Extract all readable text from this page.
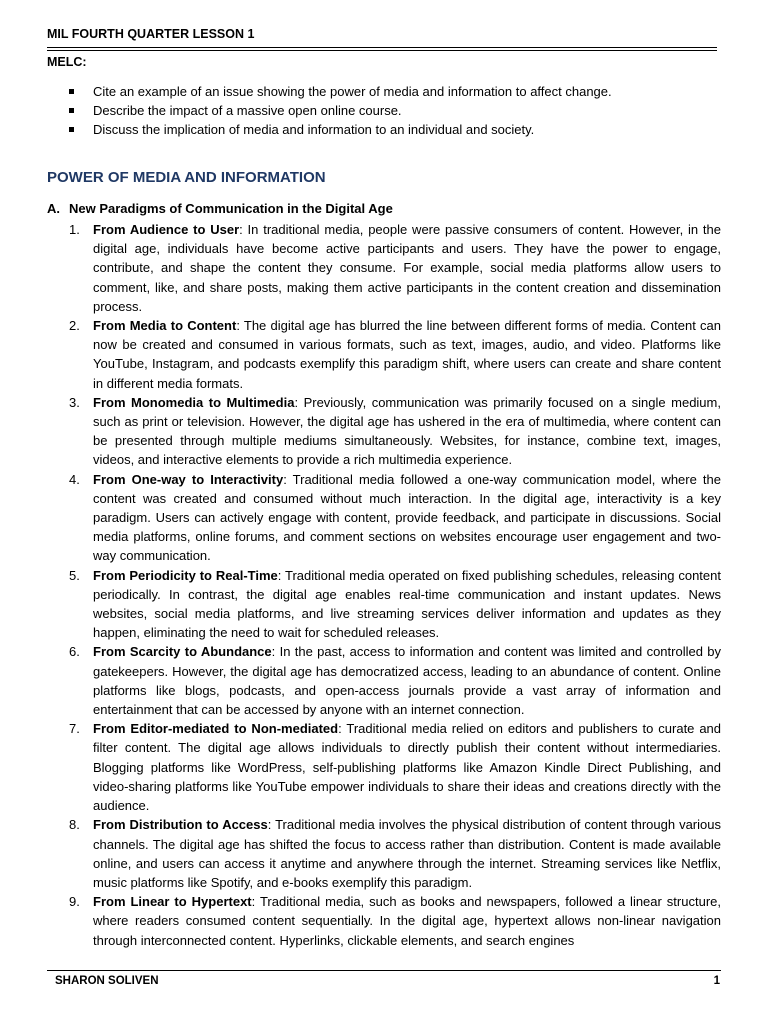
MIL FOURTH QUARTER LESSON 1
MELC:
Cite an example of an issue showing the power of media and information to affect change.
Describe the impact of a massive open online course.
Discuss the implication of media and information to an individual and society.
POWER OF MEDIA AND INFORMATION
A. New Paradigms of Communication in the Digital Age
1. From Audience to User: In traditional media, people were passive consumers of content. However, in the digital age, individuals have become active participants and users. They have the power to engage, contribute, and shape the content they consume. For example, social media platforms allow users to comment, like, and share posts, making them active participants in the content creation and dissemination process.
2. From Media to Content: The digital age has blurred the line between different forms of media. Content can now be created and consumed in various formats, such as text, images, audio, and video. Platforms like YouTube, Instagram, and podcasts exemplify this paradigm shift, where users can create and share content in different media formats.
3. From Monomedia to Multimedia: Previously, communication was primarily focused on a single medium, such as print or television. However, the digital age has ushered in the era of multimedia, where content can be presented through multiple mediums simultaneously. Websites, for instance, combine text, images, videos, and interactive elements to provide a rich multimedia experience.
4. From One-way to Interactivity: Traditional media followed a one-way communication model, where the content was created and consumed without much interaction. In the digital age, interactivity is a key paradigm. Users can actively engage with content, provide feedback, and participate in discussions. Social media platforms, online forums, and comment sections on websites encourage user engagement and two-way communication.
5. From Periodicity to Real-Time: Traditional media operated on fixed publishing schedules, releasing content periodically. In contrast, the digital age enables real-time communication and instant updates. News websites, social media platforms, and live streaming services deliver information and updates as they happen, eliminating the need to wait for scheduled releases.
6. From Scarcity to Abundance: In the past, access to information and content was limited and controlled by gatekeepers. However, the digital age has democratized access, leading to an abundance of content. Online platforms like blogs, podcasts, and open-access journals provide a vast array of information and entertainment that can be accessed by anyone with an internet connection.
7. From Editor-mediated to Non-mediated: Traditional media relied on editors and publishers to curate and filter content. The digital age allows individuals to directly publish their content without intermediaries. Blogging platforms like WordPress, self-publishing platforms like Amazon Kindle Direct Publishing, and video-sharing platforms like YouTube empower individuals to share their ideas and creations directly with the audience.
8. From Distribution to Access: Traditional media involves the physical distribution of content through various channels. The digital age has shifted the focus to access rather than distribution. Content is made available online, and users can access it anytime and anywhere through the internet. Streaming services like Netflix, music platforms like Spotify, and e-books exemplify this paradigm.
9. From Linear to Hypertext: Traditional media, such as books and newspapers, followed a linear structure, where readers consumed content sequentially. In the digital age, hypertext allows non-linear navigation through interconnected content. Hyperlinks, clickable elements, and search engines
SHARON SOLIVEN	1
